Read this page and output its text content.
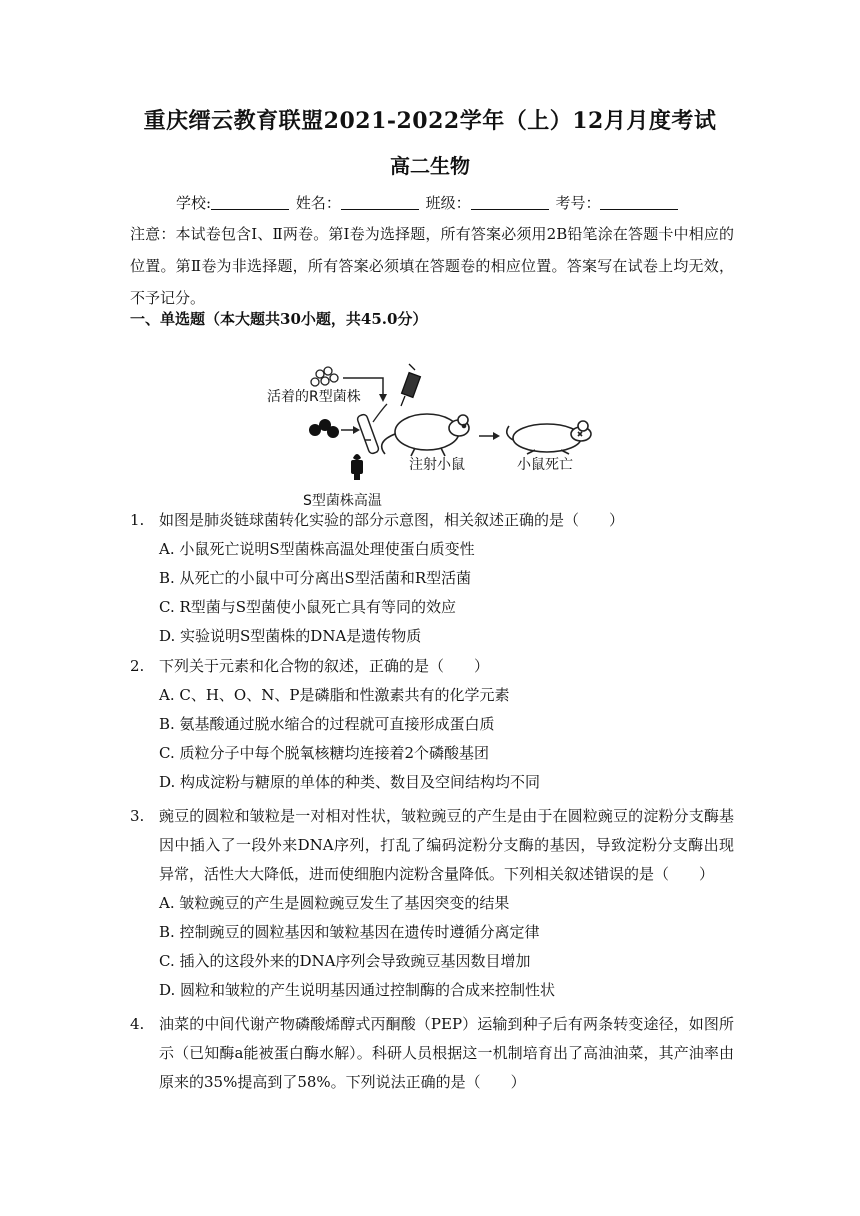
重庆缙云教育联盟2021-2022学年（上）12月月度考试
高二生物
学校:	姓名：	班级：	考号：
注意：本试卷包含Ⅰ、Ⅱ两卷。第Ⅰ卷为选择题，所有答案必须用2B铅笔涂在答题卡中相应的位置。第Ⅱ卷为非选择题，所有答案必须填在答题卷的相应位置。答案写在试卷上均无效，不予记分。
一、单选题（本大题共30小题，共45.0分）
活着的R型菌株
注射小鼠	小鼠死亡
S型菌株高温
1. 如图是肺炎链球菌转化实验的部分示意图，相关叙述正确的是（　　）
A. 小鼠死亡说明S型菌株高温处理使蛋白质变性
B. 从死亡的小鼠中可分离出S型活菌和R型活菌
C. R型菌与S型菌使小鼠死亡具有等同的效应
D. 实验说明S型菌株的DNA是遗传物质
2. 下列关于元素和化合物的叙述，正确的是（　　）
A. C、H、O、N、P是磷脂和性激素共有的化学元素
B. 氨基酸通过脱水缩合的过程就可直接形成蛋白质
C. 质粒分子中每个脱氧核糖均连接着2个磷酸基团
D. 构成淀粉与糖原的单体的种类、数目及空间结构均不同
3. 豌豆的圆粒和皱粒是一对相对性状，皱粒豌豆的产生是由于在圆粒豌豆的淀粉分支酶基因中插入了一段外来DNA序列，打乱了编码淀粉分支酶的基因，导致淀粉分支酶出现异常，活性大大降低，进而使细胞内淀粉含量降低。下列相关叙述错误的是（　　）
A. 皱粒豌豆的产生是圆粒豌豆发生了基因突变的结果
B. 控制豌豆的圆粒基因和皱粒基因在遗传时遵循分离定律
C. 插入的这段外来的DNA序列会导致豌豆基因数目增加
D. 圆粒和皱粒的产生说明基因通过控制酶的合成来控制性状
4. 油菜的中间代谢产物磷酸烯醇式丙酮酸（PEP）运输到种子后有两条转变途径，如图所示（已知酶a能被蛋白酶水解）。科研人员根据这一机制培育出了高油油菜，其产油率由原来的35%提高到了58%。下列说法正确的是（　　）
